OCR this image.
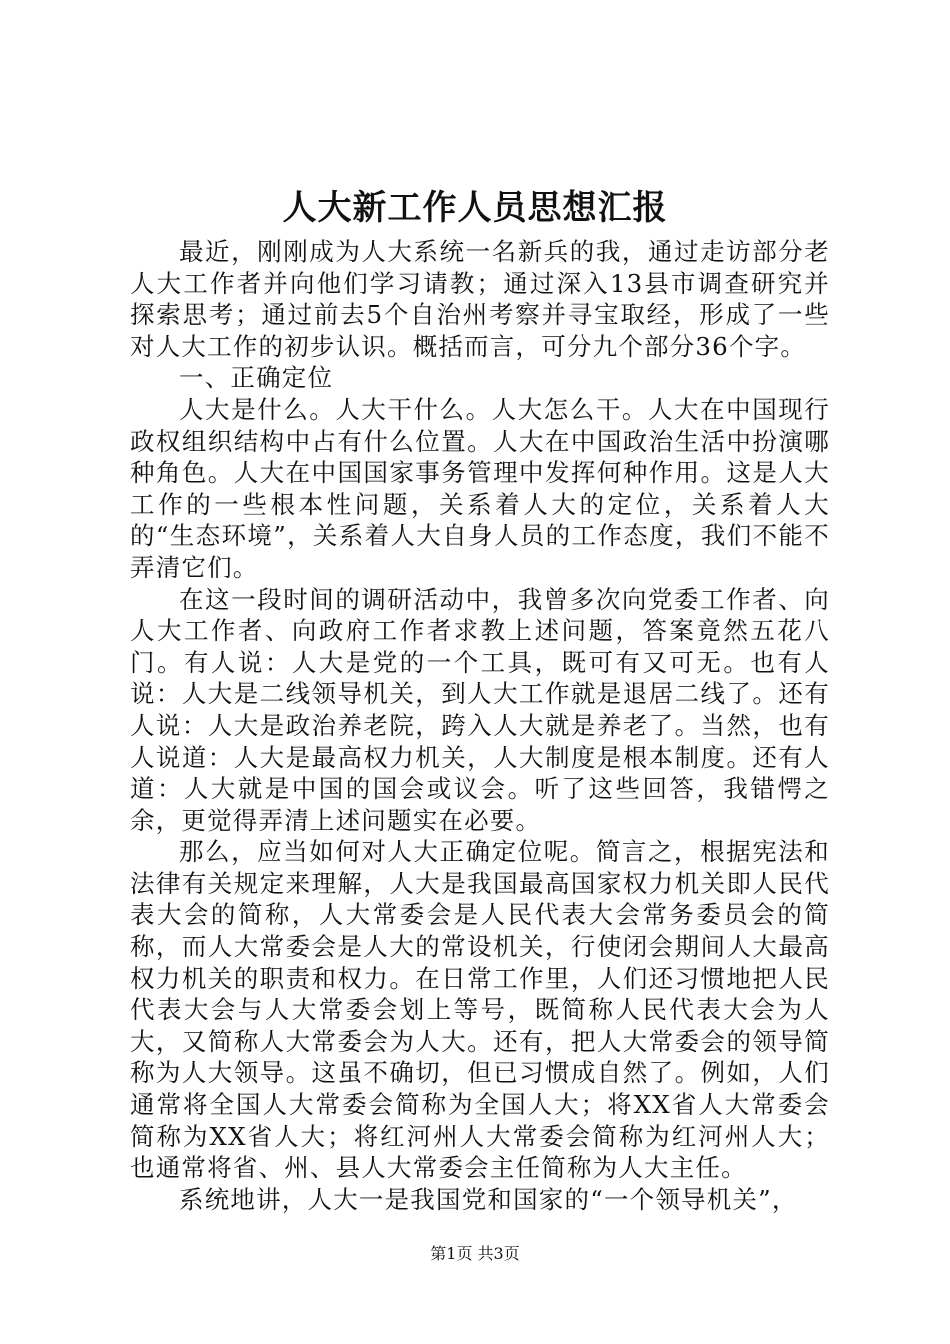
人大新工作人员思想汇报

最近，刚刚成为人大系统一名新兵的我，通过走访部分老人大工作者并向他们学习请教；通过深入13县市调查研究并探索思考；通过前去5个自治州考察并寻宝取经，形成了一些对人大工作的初步认识。概括而言，可分九个部分36个字。

一、正确定位

人大是什么。人大干什么。人大怎么干。人大在中国现行政权组织结构中占有什么位置。人大在中国政治生活中扮演哪种角色。人大在中国国家事务管理中发挥何种作用。这是人大工作的一些根本性问题，关系着人大的定位，关系着人大的“生态环境”，关系着人大自身人员的工作态度，我们不能不弄清它们。

在这一段时间的调研活动中，我曾多次向党委工作者、向人大工作者、向政府工作者求教上述问题，答案竟然五花八门。有人说：人大是党的一个工具，既可有又可无。也有人说：人大是二线领导机关，到人大工作就是退居二线了。还有人说：人大是政治养老院，跨入人大就是养老了。当然，也有人说道：人大是最高权力机关，人大制度是根本制度。还有人道：人大就是中国的国会或议会。听了这些回答，我错愕之余，更觉得弄清上述问题实在必要。

那么，应当如何对人大正确定位呢。简言之，根据宪法和法律有关规定来理解，人大是我国最高国家权力机关即人民代表大会的简称，人大常委会是人民代表大会常务委员会的简称，而人大常委会是人大的常设机关，行使闭会期间人大最高权力机关的职责和权力。在日常工作里，人们还习惯地把人民代表大会与人大常委会划上等号，既简称人民代表大会为人大，又简称人大常委会为人大。还有，把人大常委会的领导简称为人大领导。这虽不确切，但已习惯成自然了。例如，人们通常将全国人大常委会简称为全国人大；将XX省人大常委会简称为XX省人大；将红河州人大常委会简称为红河州人大；也通常将省、州、县人大常委会主任简称为人大主任。

系统地讲，人大一是我国党和国家的“一个领导机关”，

第1页 共3页
